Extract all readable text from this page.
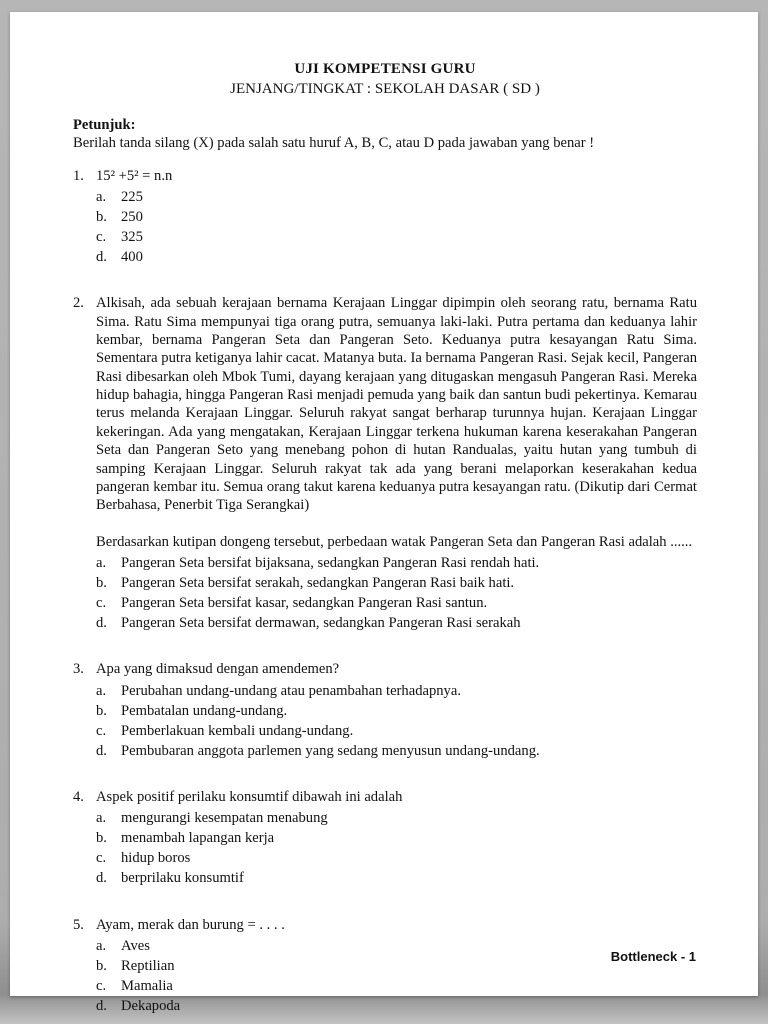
UJI KOMPETENSI GURU
JENJANG/TINGKAT : SEKOLAH DASAR ( SD )
Petunjuk:
Berilah tanda silang (X) pada salah satu huruf A, B, C, atau D pada jawaban yang benar !
1. 15² +5² = n.n

a.	225
b. 250
c.	325
d. 400
2. Alkisah, ada sebuah kerajaan bernama Kerajaan Linggar dipimpin oleh seorang ratu, bernama Ratu Sima. Ratu Sima mempunyai tiga orang putra, semuanya laki-laki. Putra pertama dan keduanya lahir kembar, bernama Pangeran Seta dan Pangeran Seto. Keduanya putra kesayangan Ratu Sima. Sementara putra ketiganya lahir cacat. Matanya buta. Ia bernama Pangeran Rasi. Sejak kecil, Pangeran Rasi dibesarkan oleh Mbok Tumi, dayang kerajaan yang ditugaskan mengasuh Pangeran Rasi. Mereka hidup bahagia, hingga Pangeran Rasi menjadi pemuda yang baik dan santun budi pekertinya. Kemarau terus melanda Kerajaan Linggar. Seluruh rakyat sangat berharap turunnya hujan. Kerajaan Linggar kekeringan. Ada yang mengatakan, Kerajaan Linggar terkena hukuman karena keserakahan Pangeran Seta dan Pangeran Seto yang menebang pohon di hutan Randualas, yaitu hutan yang tumbuh di samping Kerajaan Linggar. Seluruh rakyat tak ada yang berani melaporkan keserakahan kedua pangeran kembar itu. Semua orang takut karena keduanya putra kesayangan ratu. (Dikutip dari Cermat Berbahasa, Penerbit Tiga Serangkai)

Berdasarkan kutipan dongeng tersebut, perbedaan watak Pangeran Seta dan Pangeran Rasi adalah ......

a.	Pangeran Seta bersifat bijaksana, sedangkan Pangeran Rasi rendah hati.
b. Pangeran Seta bersifat serakah, sedangkan Pangeran Rasi baik hati.
c.	Pangeran Seta bersifat kasar, sedangkan Pangeran Rasi santun.
d. Pangeran Seta bersifat dermawan, sedangkan Pangeran Rasi serakah
3. Apa yang dimaksud dengan amendemen?

a.	Perubahan undang-undang atau penambahan terhadapnya.
b. Pembatalan undang-undang.
c.	Pemberlakuan kembali undang-undang.
d. Pembubaran anggota parlemen yang sedang menyusun undang-undang.
4. Aspek positif perilaku konsumtif dibawah ini adalah

a.	mengurangi kesempatan menabung
b. menambah lapangan kerja
c.	hidup boros
d. berprilaku konsumtif
5. Ayam, merak dan burung = . . . .

a.	Aves
b. Reptilian
c.	Mamalia
d. Dekapoda
Bottleneck - 1
